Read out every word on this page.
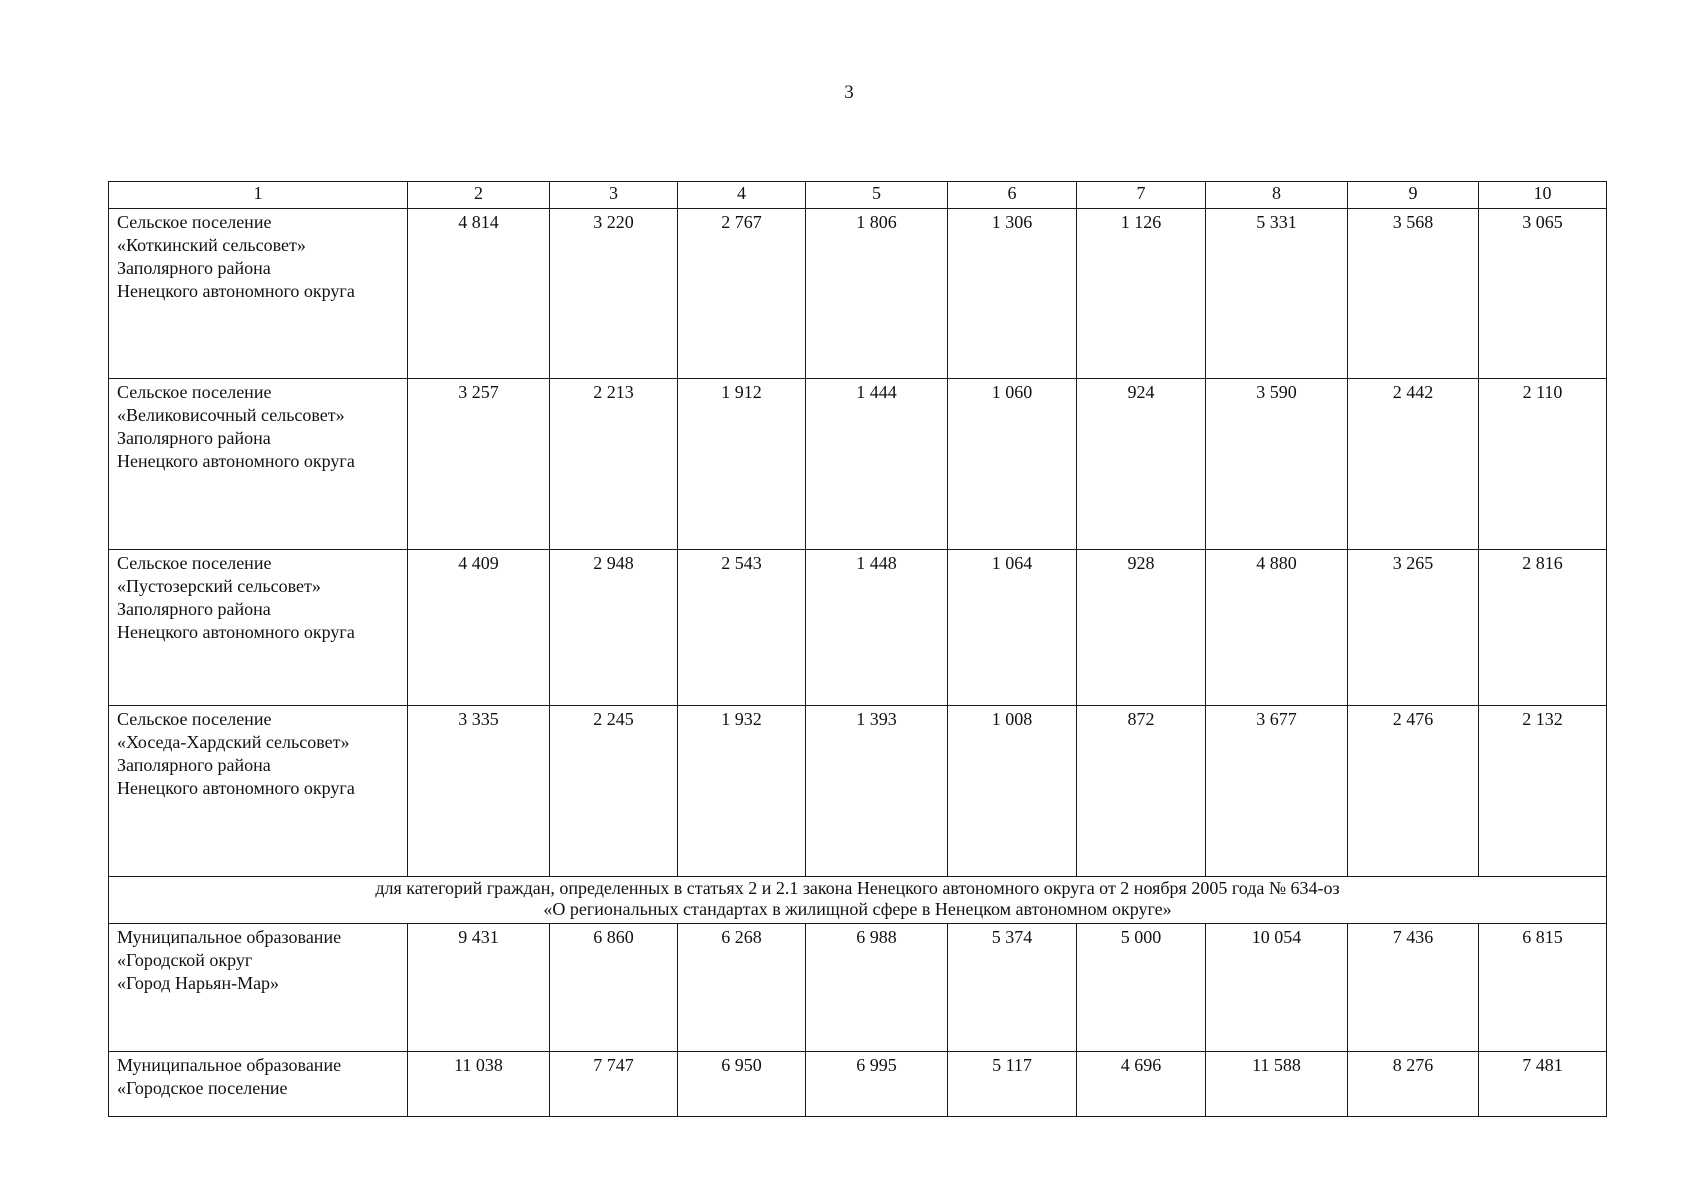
3
1	2	3	4	5	6	7	8	9	10

Сельское поселение
«Коткинский сельсовет»
Заполярного района
Ненецкого автономного округа	4 814	3 220	2 767	1 806	1 306	1 126	5 331	3 568	3 065

Сельское поселение
«Великовисочный сельсовет»
Заполярного района
Ненецкого автономного округа	3 257	2 213	1 912	1 444	1 060	924	3 590	2 442	2 110

Сельское поселение
«Пустозерский сельсовет»
Заполярного района
Ненецкого автономного округа	4 409	2 948	2 543	1 448	1 064	928	4 880	3 265	2 816

Сельское поселение
«Хоседа-Хардский сельсовет»
Заполярного района
Ненецкого автономного округа	3 335	2 245	1 932	1 393	1 008	872	3 677	2 476	2 132

для категорий граждан, определенных в статьях 2 и 2.1 закона Ненецкого автономного округа от 2 ноября 2005 года № 634-оз
«О региональных стандартах в жилищной сфере в Ненецком автономном округе»									

Муниципальное образование
«Городской округ
«Город Нарьян-Мар»	9 431	6 860	6 268	6 988	5 374	5 000	10 054	7 436	6 815

Муниципальное образование
«Городское поселение	11 038	7 747	6 950	6 995	5 117	4 696	11 588	8 276	7 481
